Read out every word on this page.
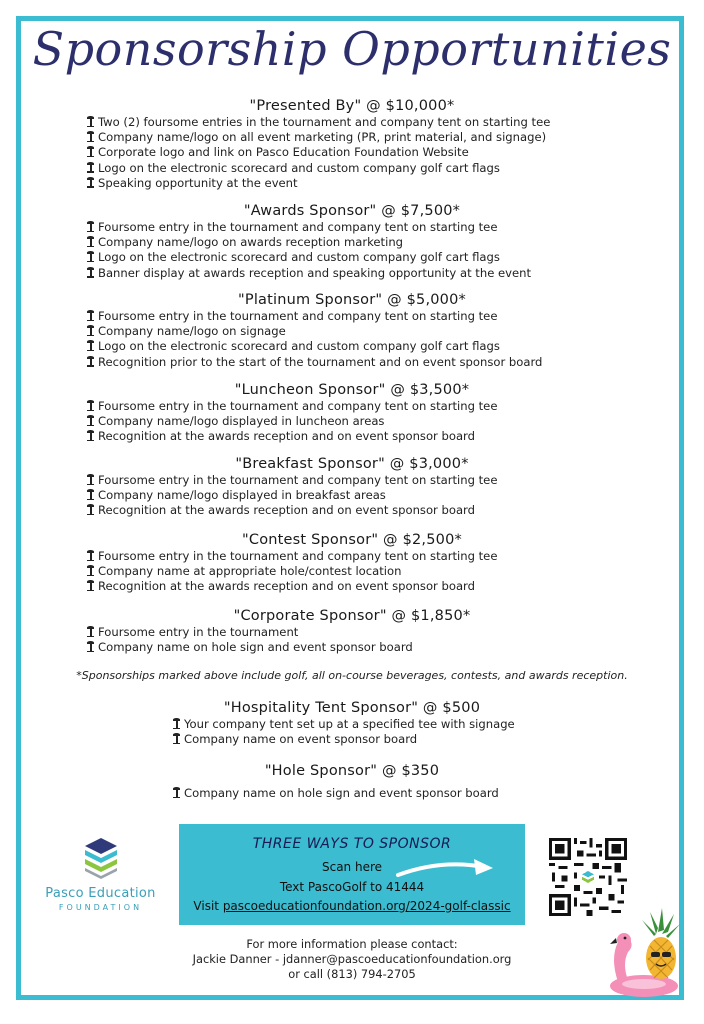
Sponsorship Opportunities
"Presented By" @ $10,000*
Two (2) foursome entries in the tournament and company tent on starting tee
Company name/logo on all event marketing (PR, print material, and signage)
Corporate logo and link on Pasco Education Foundation Website
Logo on the electronic scorecard and custom company golf cart flags
Speaking opportunity at the event
"Awards Sponsor" @ $7,500*
Foursome entry in the tournament and company tent on starting tee
Company name/logo on awards reception marketing
Logo on the electronic scorecard and custom company golf cart flags
Banner display at awards reception and speaking opportunity at the event
"Platinum Sponsor" @ $5,000*
Foursome entry in the tournament and company tent on starting tee
Company name/logo on signage
Logo on the electronic scorecard and custom company golf cart flags
Recognition prior to the start of the tournament and on event sponsor board
"Luncheon Sponsor" @ $3,500*
Foursome entry in the tournament and company tent on starting tee
Company name/logo displayed in luncheon areas
Recognition at the awards reception and on event sponsor board
"Breakfast Sponsor" @ $3,000*
Foursome entry in the tournament and company tent on starting tee
Company name/logo displayed in breakfast areas
Recognition at the awards reception and on event sponsor board
"Contest Sponsor" @ $2,500*
Foursome entry in the tournament and company tent on starting tee
Company name at appropriate hole/contest location
Recognition at the awards reception and on event sponsor board
"Corporate Sponsor" @ $1,850*
Foursome entry in the tournament
Company name on hole sign and event sponsor board
*Sponsorships marked above include golf, all on-course beverages, contests, and awards reception.
"Hospitality Tent Sponsor" @ $500
Your company tent set up at a specified tee with signage
Company name on event sponsor board
"Hole Sponsor" @ $350
Company name on hole sign and event sponsor board
Pasco Education
FOUNDATION
THREE WAYS TO SPONSOR
Scan here
Text PascoGolf to 41444
Visit pascoeducationfoundation.org/2024-golf-classic
For more information please contact:
Jackie Danner - jdanner@pascoeducationfoundation.org
or call (813) 794-2705
